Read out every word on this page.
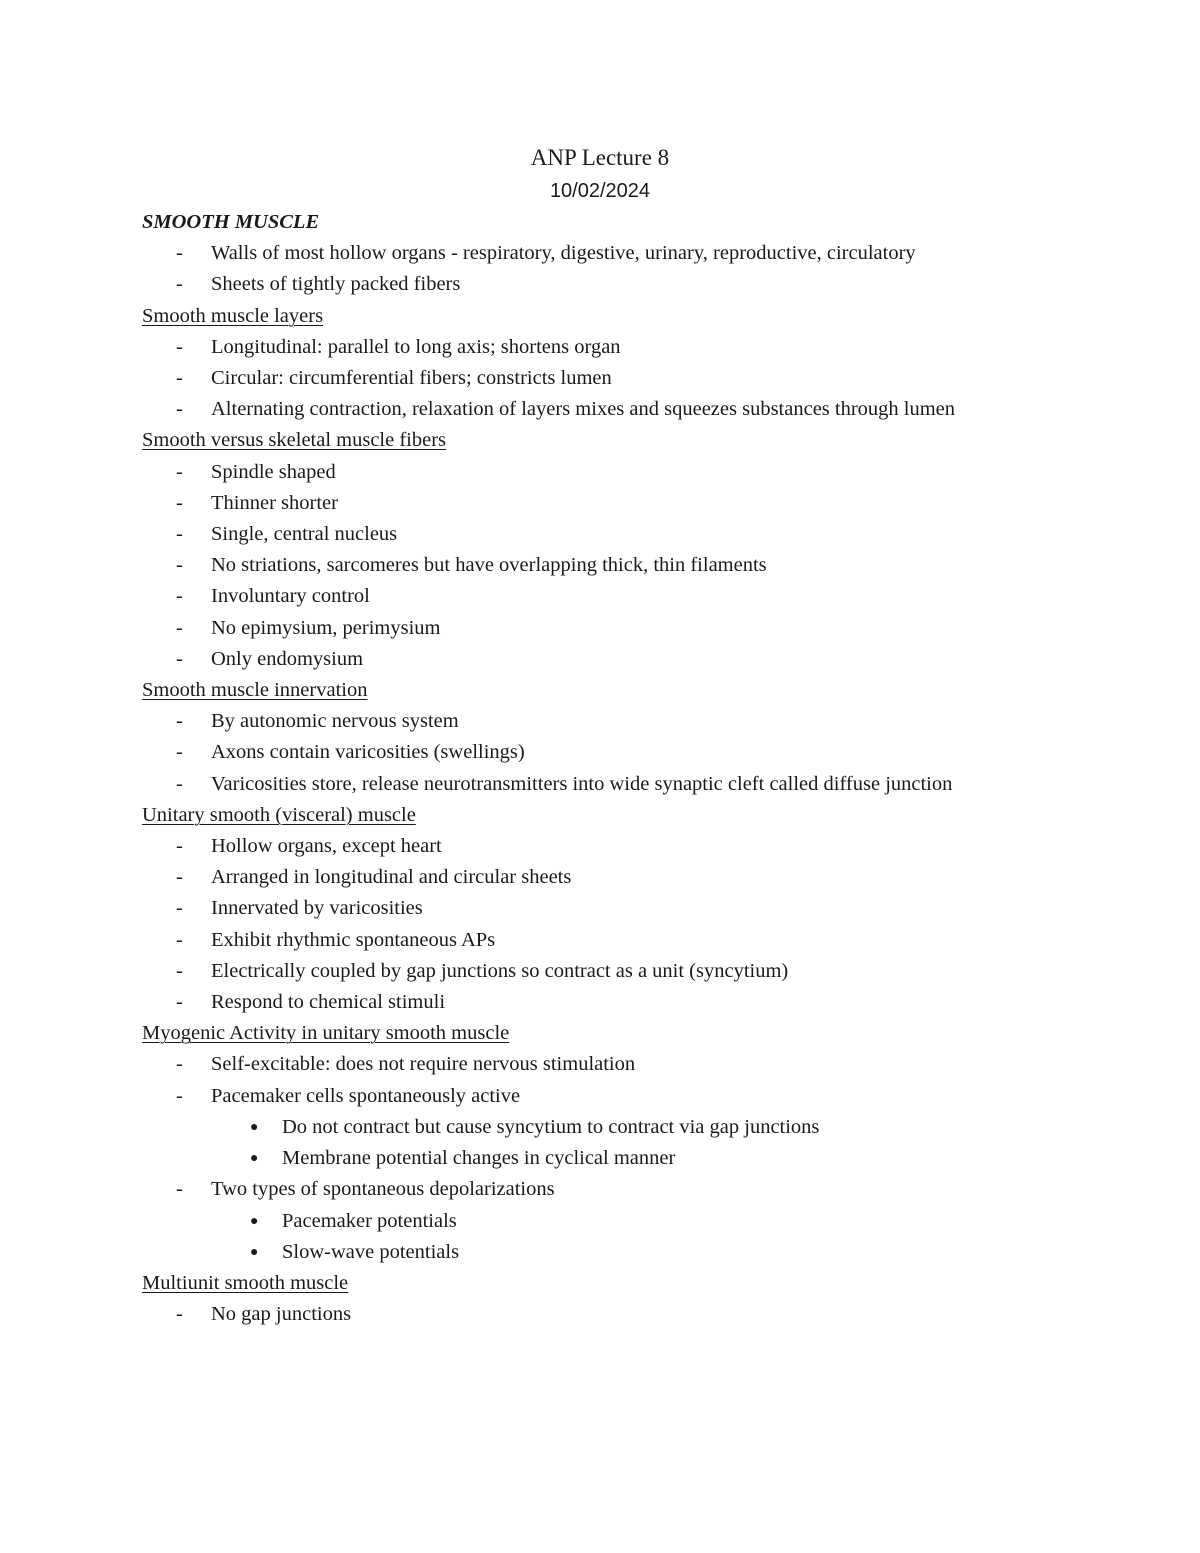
ANP Lecture 8
10/02/2024
SMOOTH MUSCLE
- Walls of most hollow organs - respiratory, digestive, urinary, reproductive, circulatory
- Sheets of tightly packed fibers
Smooth muscle layers
- Longitudinal: parallel to long axis; shortens organ
- Circular: circumferential fibers; constricts lumen
- Alternating contraction, relaxation of layers mixes and squeezes substances through lumen
Smooth versus skeletal muscle fibers
- Spindle shaped
- Thinner shorter
- Single, central nucleus
- No striations, sarcomeres but have overlapping thick, thin filaments
- Involuntary control
- No epimysium, perimysium
- Only endomysium
Smooth muscle innervation
- By autonomic nervous system
- Axons contain varicosities (swellings)
- Varicosities store, release neurotransmitters into wide synaptic cleft called diffuse junction
Unitary smooth (visceral) muscle
- Hollow organs, except heart
- Arranged in longitudinal and circular sheets
- Innervated by varicosities
- Exhibit rhythmic spontaneous APs
- Electrically coupled by gap junctions so contract as a unit (syncytium)
- Respond to chemical stimuli
Myogenic Activity in unitary smooth muscle
- Self-excitable: does not require nervous stimulation
- Pacemaker cells spontaneously active
● Do not contract but cause syncytium to contract via gap junctions
● Membrane potential changes in cyclical manner
- Two types of spontaneous depolarizations
● Pacemaker potentials
● Slow-wave potentials
Multiunit smooth muscle
- No gap junctions
